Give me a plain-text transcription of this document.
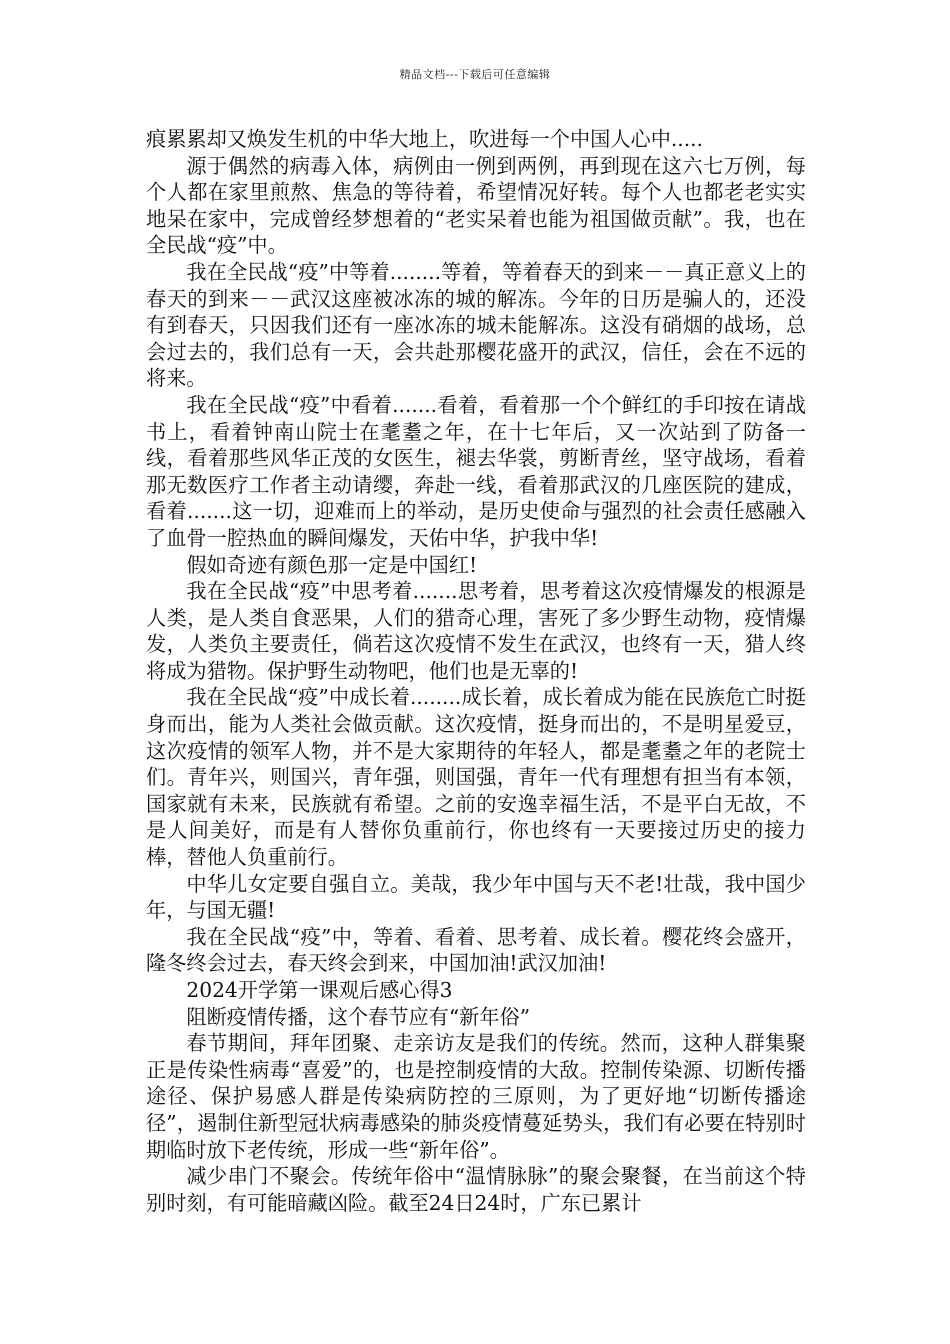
精品文档---下载后可任意编辑

痕累累却又焕发生机的中华大地上，吹进每一个中国人心中.....

源于偶然的病毒入体，病例由一例到两例，再到现在这六七万例，每个人都在家里煎熬、焦急的等待着，希望情况好转。每个人也都老老实实地呆在家中，完成曾经梦想着的“老实呆着也能为祖国做贡献”。我，也在全民战“疫”中。

我在全民战“疫”中等着........等着，等着春天的到来－－真正意义上的春天的到来－－武汉这座被冰冻的城的解冻。今年的日历是骗人的，还没有到春天，只因我们还有一座冰冻的城未能解冻。这没有硝烟的战场，总会过去的，我们总有一天，会共赴那樱花盛开的武汉，信任，会在不远的将来。

我在全民战“疫”中看着.......看着，看着那一个个鲜红的手印按在请战书上，看着钟南山院士在耄耋之年，在十七年后，又一次站到了防备一线，看着那些风华正茂的女医生，褪去华裳，剪断青丝，坚守战场，看着那无数医疗工作者主动请缨，奔赴一线，看着那武汉的几座医院的建成，看着.......这一切，迎难而上的举动，是历史使命与强烈的社会责任感融入了血骨一腔热血的瞬间爆发，天佑中华，护我中华!

假如奇迹有颜色那一定是中国红!

我在全民战“疫”中思考着.......思考着，思考着这次疫情爆发的根源是人类，是人类自食恶果，人们的猎奇心理，害死了多少野生动物，疫情爆发，人类负主要责任，倘若这次疫情不发生在武汉，也终有一天，猎人终将成为猎物。保护野生动物吧，他们也是无辜的!

我在全民战“疫”中成长着........成长着，成长着成为能在民族危亡时挺身而出，能为人类社会做贡献。这次疫情，挺身而出的，不是明星爱豆，这次疫情的领军人物，并不是大家期待的年轻人，都是耄耋之年的老院士们。青年兴，则国兴，青年强，则国强，青年一代有理想有担当有本领，国家就有未来，民族就有希望。之前的安逸幸福生活，不是平白无故，不是人间美好，而是有人替你负重前行，你也终有一天要接过历史的接力棒，替他人负重前行。

中华儿女定要自强自立。美哉，我少年中国与天不老!壮哉，我中国少年，与国无疆!

我在全民战“疫”中，等着、看着、思考着、成长着。樱花终会盛开，隆冬终会过去，春天终会到来，中国加油!武汉加油!

2024开学第一课观后感心得3

阻断疫情传播，这个春节应有“新年俗”

春节期间，拜年团聚、走亲访友是我们的传统。然而，这种人群集聚正是传染性病毒“喜爱”的，也是控制疫情的大敌。控制传染源、切断传播途径、保护易感人群是传染病防控的三原则，为了更好地“切断传播途径”，遏制住新型冠状病毒感染的肺炎疫情蔓延势头，我们有必要在特别时期临时放下老传统，形成一些“新年俗”。

减少串门不聚会。传统年俗中“温情脉脉”的聚会聚餐，在当前这个特别时刻，有可能暗藏凶险。截至24日24时，广东已累计
